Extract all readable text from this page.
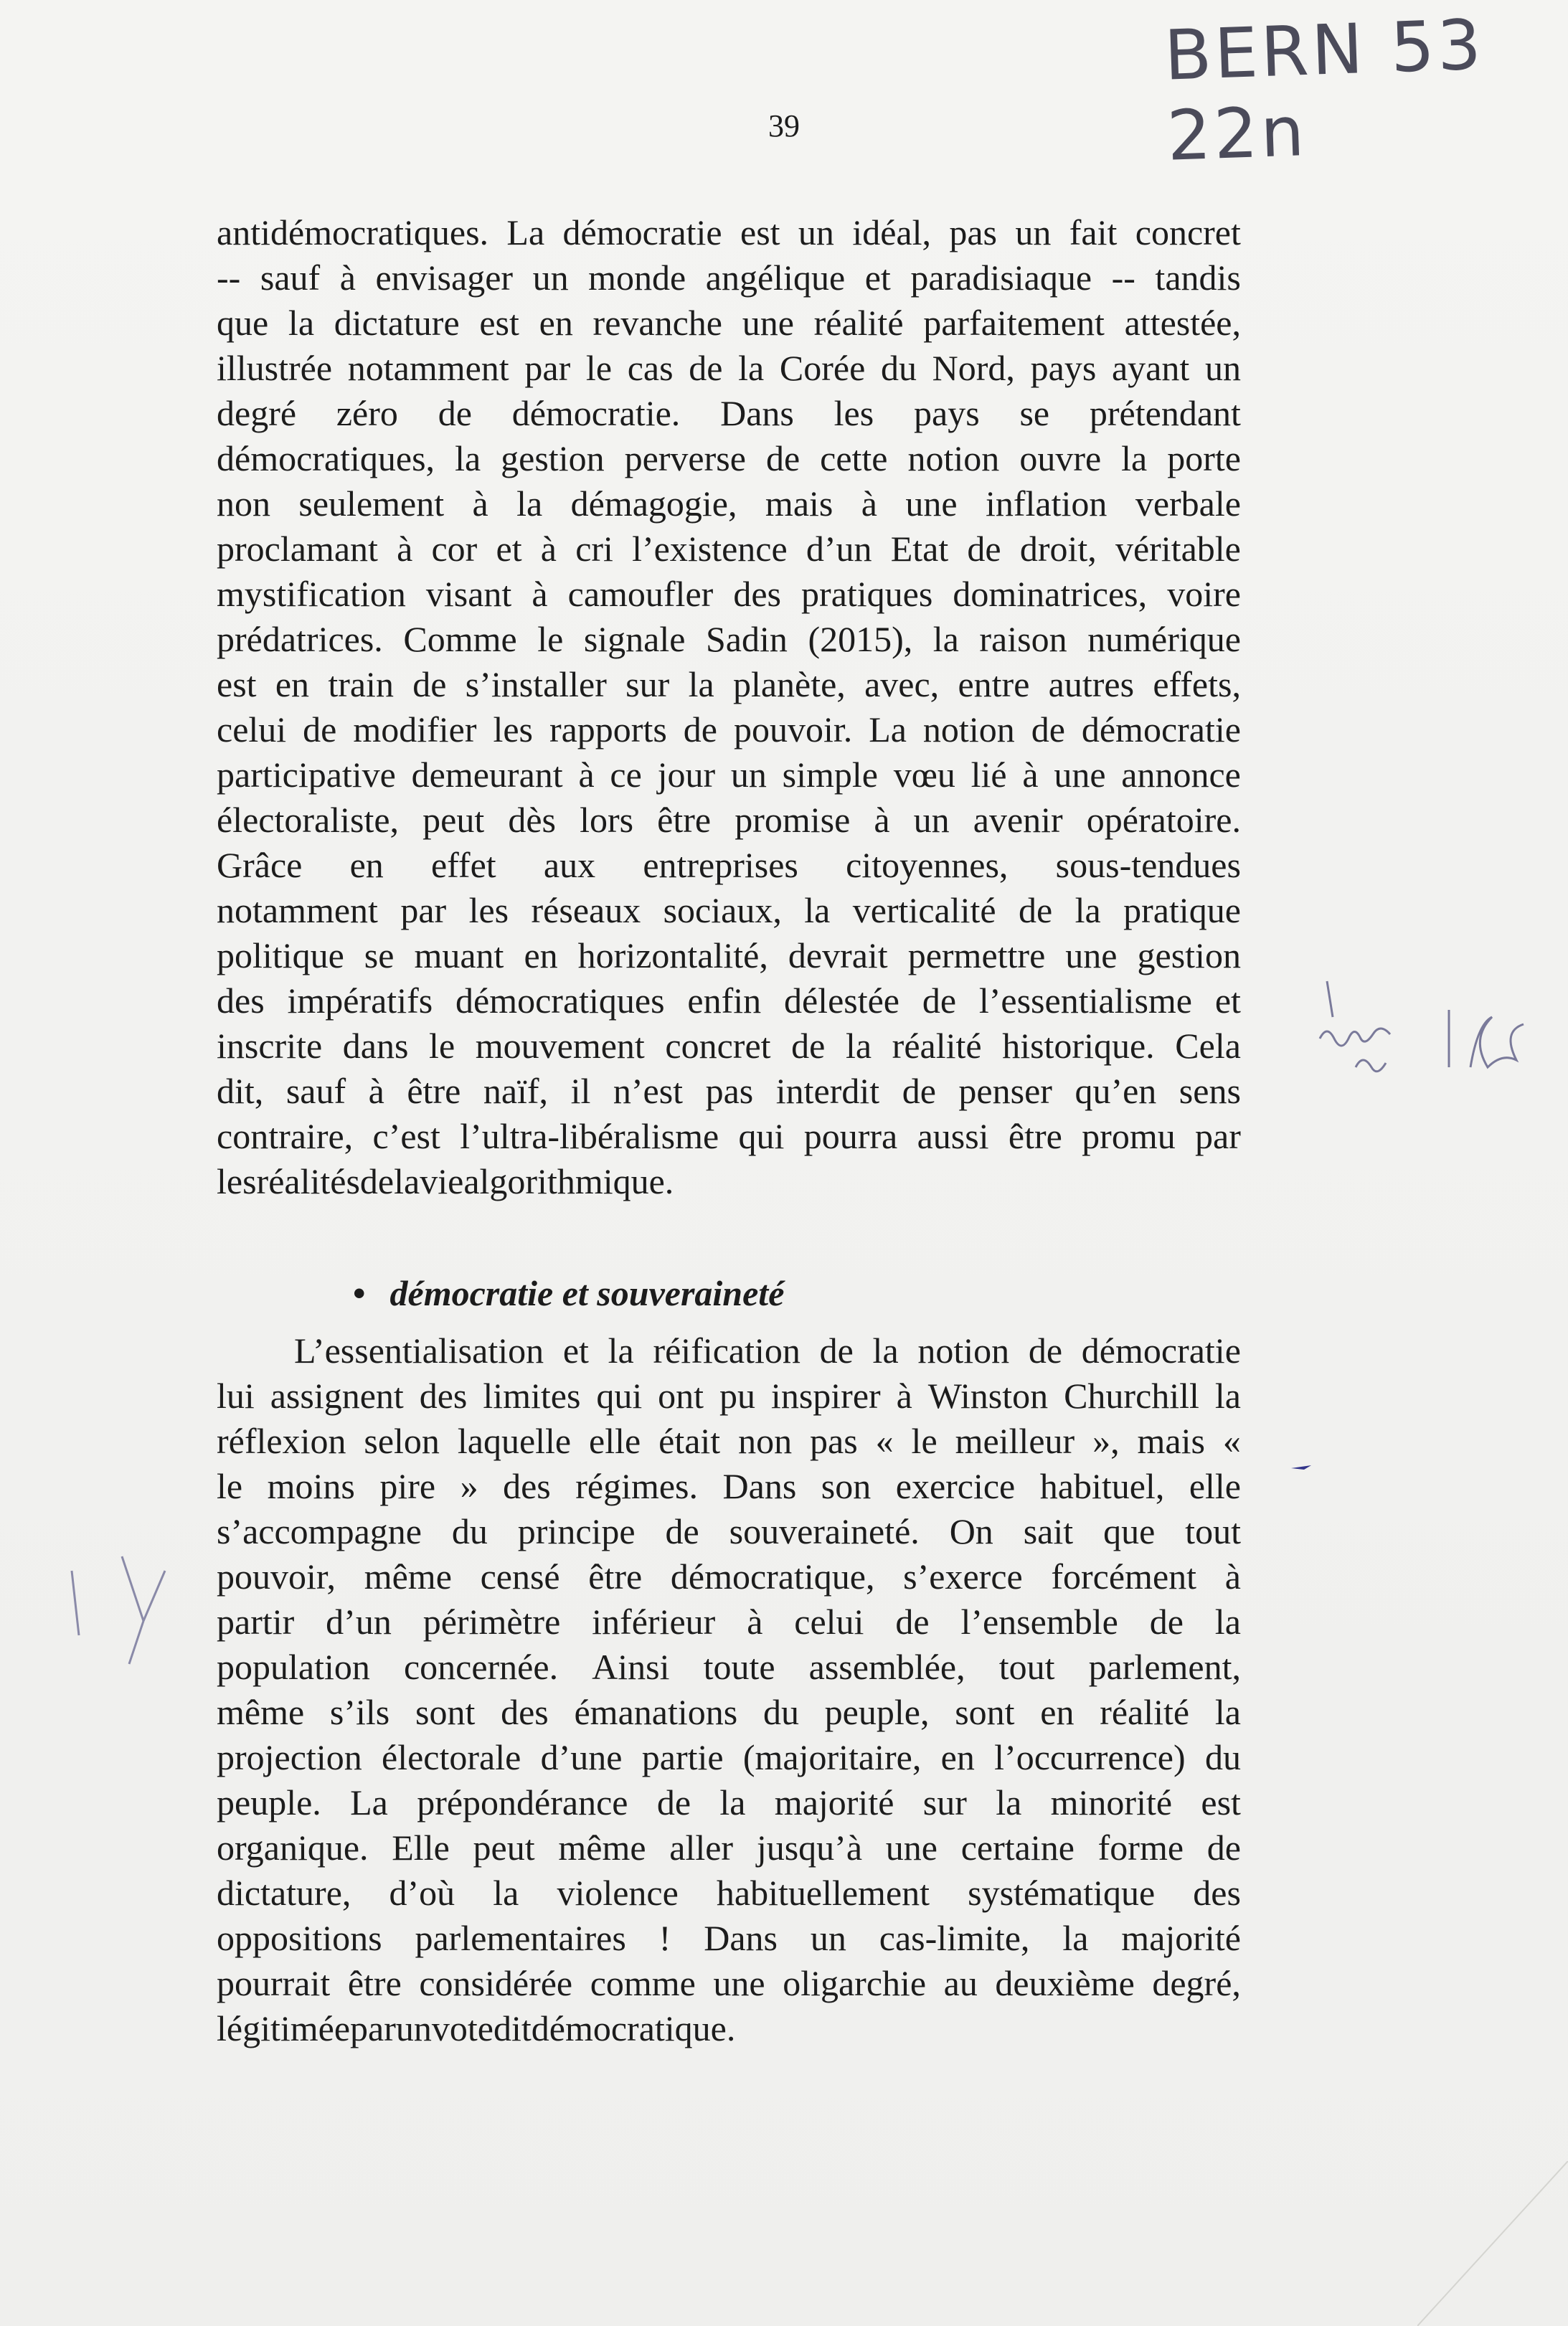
BERN 53 22n
39
antidémocratiques. La démocratie est un idéal, pas un fait concret
-- sauf à envisager un monde angélique et paradisiaque -- tandis
que la dictature est en revanche une réalité parfaitement attestée,
illustrée notamment par le cas de la Corée du Nord, pays ayant un
degré zéro de démocratie. Dans les pays se prétendant
démocratiques, la gestion perverse de cette notion ouvre la porte
non seulement à la démagogie, mais à une inflation verbale
proclamant à cor et à cri l’existence d’un Etat de droit, véritable
mystification visant à camoufler des pratiques dominatrices, voire
prédatrices. Comme le signale Sadin (2015), la raison numérique
est en train de s’installer sur la planète, avec, entre autres effets,
celui de modifier les rapports de pouvoir. La notion de démocratie
participative demeurant à ce jour un simple vœu lié à une annonce
électoraliste, peut dès lors être promise à un avenir opératoire.
Grâce en effet aux entreprises citoyennes, sous-tendues
notamment par les réseaux sociaux, la verticalité de la pratique
politique se muant en horizontalité, devrait permettre une gestion
des impératifs démocratiques enfin délestée de l’essentialisme et
inscrite dans le mouvement concret de la réalité historique. Cela
dit, sauf à être naïf, il n’est pas interdit de penser qu’en sens
contraire, c’est l’ultra-libéralisme qui pourra aussi être promu par
les réalités de la vie algorithmique.
• démocratie et souveraineté
L’essentialisation et la réification de la notion de démocratie
lui assignent des limites qui ont pu inspirer à Winston Churchill la
réflexion selon laquelle elle était non pas « le meilleur », mais «
le moins pire » des régimes. Dans son exercice habituel, elle
s’accompagne du principe de souveraineté. On sait que tout
pouvoir, même censé être démocratique, s’exerce forcément à
partir d’un périmètre inférieur à celui de l’ensemble de la
population concernée. Ainsi toute assemblée, tout parlement,
même s’ils sont des émanations du peuple, sont en réalité la
projection électorale d’une partie (majoritaire, en l’occurrence) du
peuple. La prépondérance de la majorité sur la minorité est
organique. Elle peut même aller jusqu’à une certaine forme de
dictature, d’où la violence habituellement systématique des
oppositions parlementaires ! Dans un cas-limite, la majorité
pourrait être considérée comme une oligarchie au deuxième degré,
légitimée par un vote dit démocratique.
